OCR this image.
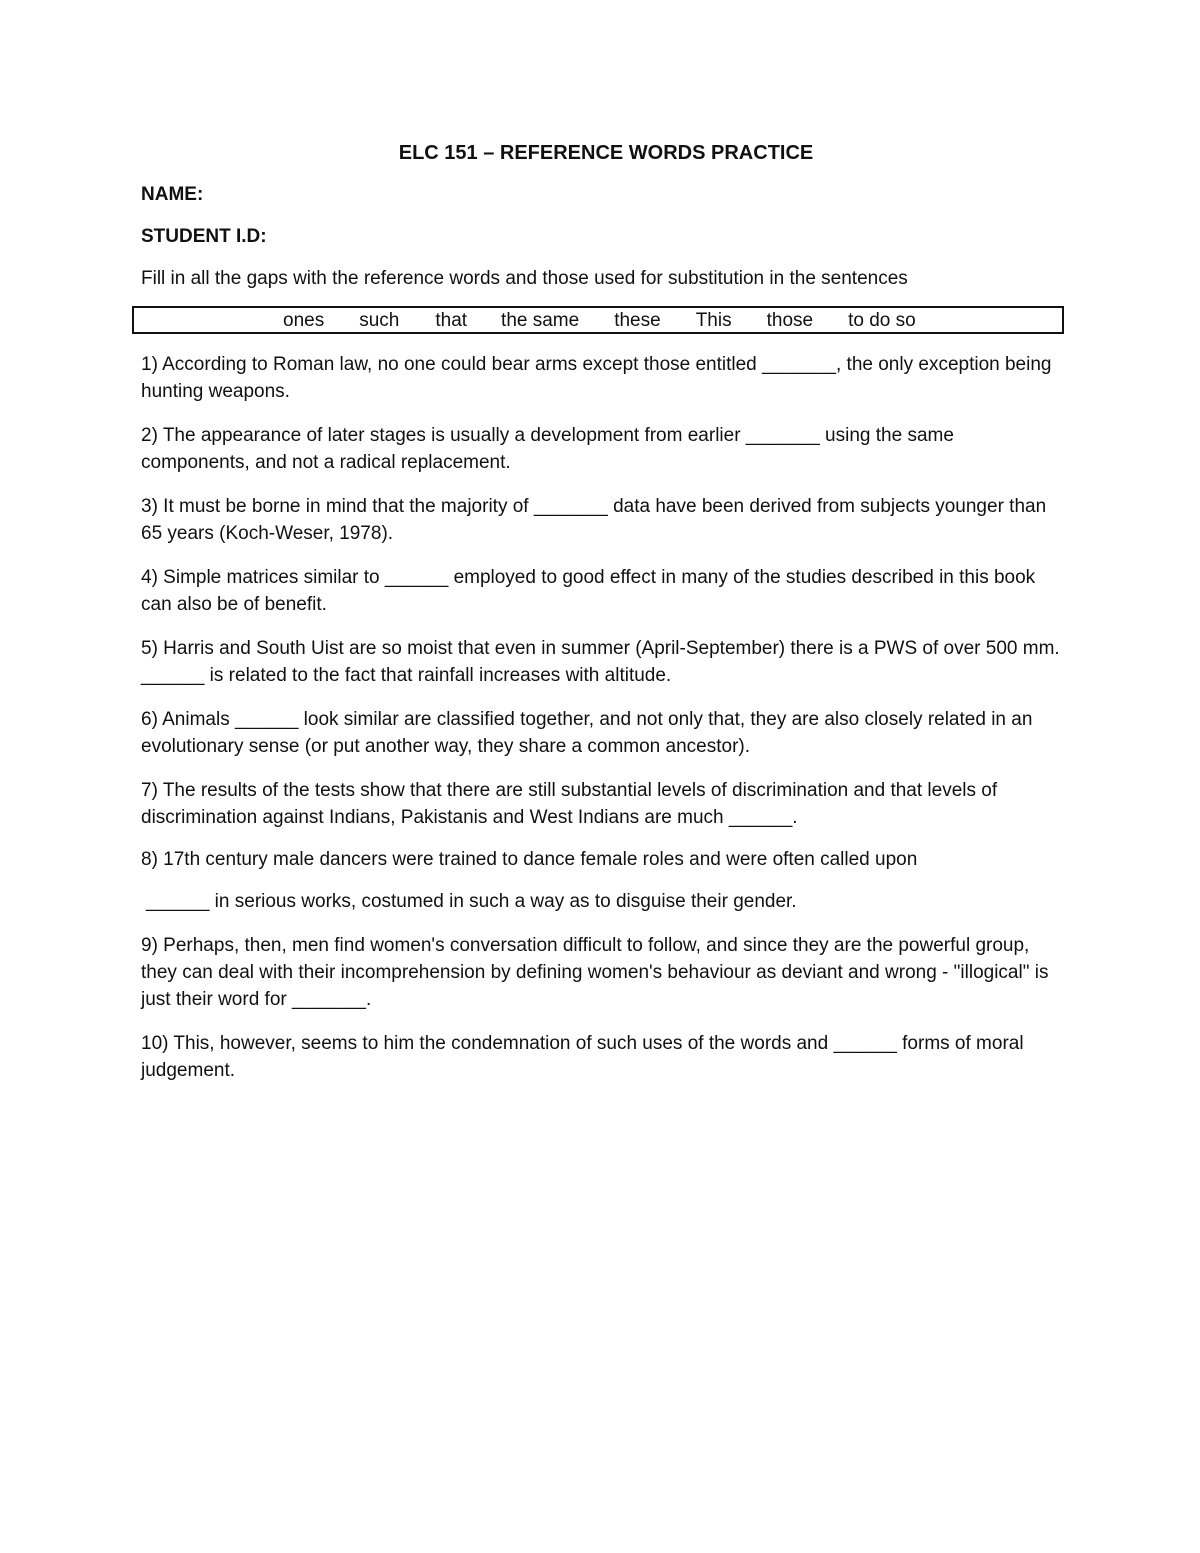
ELC 151 – REFERENCE WORDS PRACTICE

NAME:

STUDENT I.D:

Fill in all the gaps with the reference words and those used for substitution in the sentences

ones such that the same these This those to do so

1) According to Roman law, no one could bear arms except those entitled _______, the only exception being hunting weapons.

2) The appearance of later stages is usually a development from earlier _______ using the same components, and not a radical replacement.

3) It must be borne in mind that the majority of _______ data have been derived from subjects younger than 65 years (Koch-Weser, 1978).

4) Simple matrices similar to ______ employed to good effect in many of the studies described in this book can also be of benefit.

5) Harris and South Uist are so moist that even in summer (April-September) there is a PWS of over 500 mm. ______ is related to the fact that rainfall increases with altitude.

6) Animals ______ look similar are classified together, and not only that, they are also closely related in an evolutionary sense (or put another way, they share a common ancestor).

7) The results of the tests show that there are still substantial levels of discrimination and that levels of discrimination against Indians, Pakistanis and West Indians are much ______.

8) 17th century male dancers were trained to dance female roles and were often called upon

______ in serious works, costumed in such a way as to disguise their gender.

9) Perhaps, then, men find women's conversation difficult to follow, and since they are the powerful group, they can deal with their incomprehension by defining women's behaviour as deviant and wrong - "illogical" is just their word for _______.

10) This, however, seems to him the condemnation of such uses of the words and ______ forms of moral judgement.
